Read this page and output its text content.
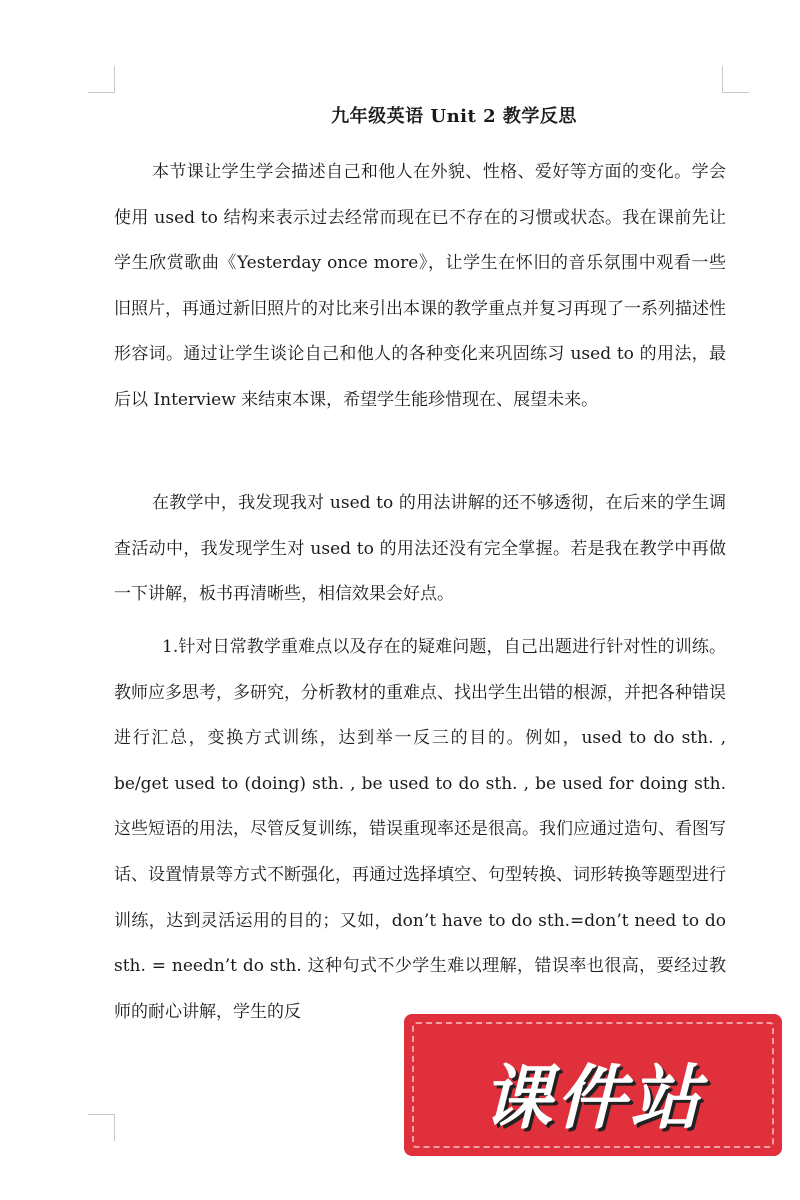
九年级英语 Unit 2 教学反思

本节课让学生学会描述自己和他人在外貌、性格、爱好等方面的变化。学会使用 used to 结构来表示过去经常而现在已不存在的习惯或状态。我在课前先让学生欣赏歌曲《Yesterday once more》，让学生在怀旧的音乐氛围中观看一些旧照片，再通过新旧照片的对比来引出本课的教学重点并复习再现了一系列描述性形容词。通过让学生谈论自己和他人的各种变化来巩固练习 used to 的用法，最后以 Interview 来结束本课，希望学生能珍惜现在、展望未来。

在教学中，我发现我对 used to 的用法讲解的还不够透彻，在后来的学生调查活动中，我发现学生对 used to 的用法还没有完全掌握。若是我在教学中再做一下讲解，板书再清晰些，相信效果会好点。

1.针对日常教学重难点以及存在的疑难问题，自己出题进行针对性的训练。教师应多思考，多研究，分析教材的重难点、找出学生出错的根源，并把各种错误进行汇总，变换方式训练，达到举一反三的目的。例如，used to do sth. , be/get used to (doing) sth. , be used to do sth. , be used for doing sth. 这些短语的用法，尽管反复训练，错误重现率还是很高。我们应通过造句、看图写话、设置情景等方式不断强化，再通过选择填空、句型转换、词形转换等题型进行训练，达到灵活运用的目的；又如，don’t have to do sth.=don’t need to do sth. = needn’t do sth. 这种句式不少学生难以理解，错误率也很高，要经过教师的耐心讲解，学生的反

课件站
